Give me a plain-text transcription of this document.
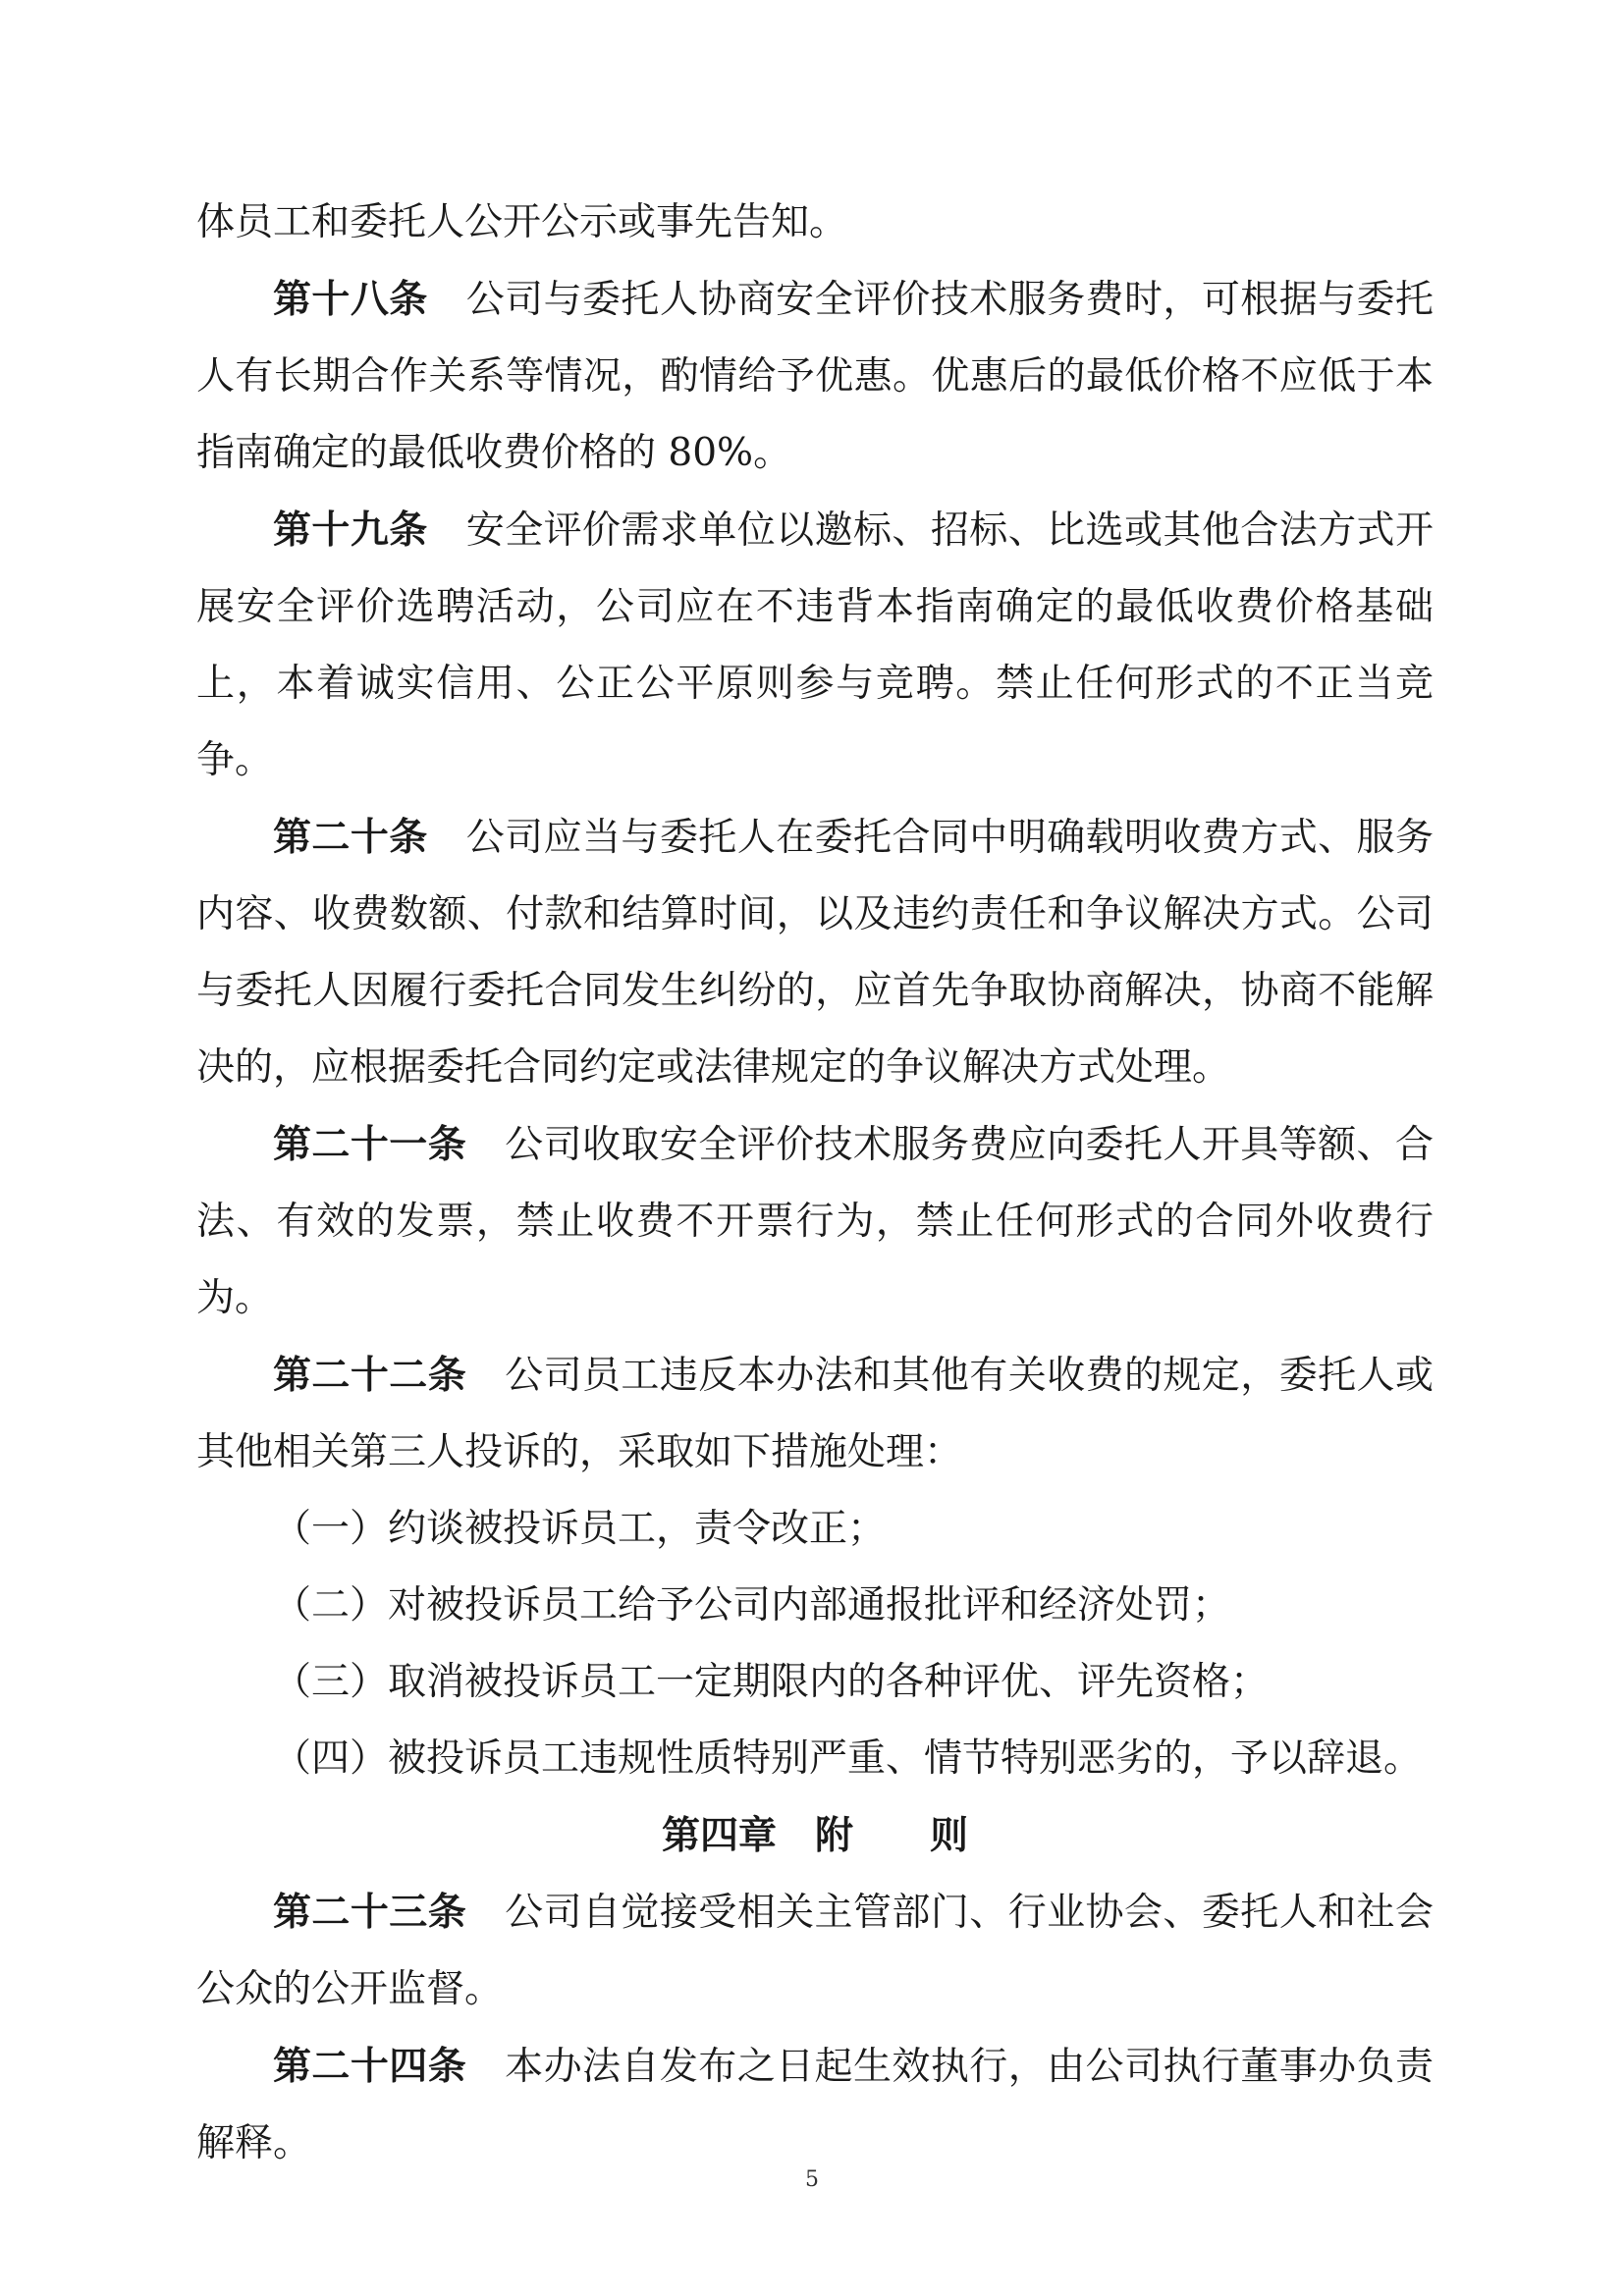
体员工和委托人公开公示或事先告知。

第十八条 公司与委托人协商安全评价技术服务费时，可根据与委托人有长期合作关系等情况，酌情给予优惠。优惠后的最低价格不应低于本指南确定的最低收费价格的 80%。

第十九条 安全评价需求单位以邀标、招标、比选或其他合法方式开展安全评价选聘活动，公司应在不违背本指南确定的最低收费价格基础上，本着诚实信用、公正公平原则参与竞聘。禁止任何形式的不正当竞争。

第二十条 公司应当与委托人在委托合同中明确载明收费方式、服务内容、收费数额、付款和结算时间，以及违约责任和争议解决方式。公司与委托人因履行委托合同发生纠纷的，应首先争取协商解决，协商不能解决的，应根据委托合同约定或法律规定的争议解决方式处理。

第二十一条 公司收取安全评价技术服务费应向委托人开具等额、合法、有效的发票，禁止收费不开票行为，禁止任何形式的合同外收费行为。

第二十二条 公司员工违反本办法和其他有关收费的规定，委托人或其他相关第三人投诉的，采取如下措施处理：

（一）约谈被投诉员工，责令改正；

（二）对被投诉员工给予公司内部通报批评和经济处罚；

（三）取消被投诉员工一定期限内的各种评优、评先资格；

（四）被投诉员工违规性质特别严重、情节特别恶劣的，予以辞退。

第四章　附　　则

第二十三条 公司自觉接受相关主管部门、行业协会、委托人和社会公众的公开监督。

第二十四条 本办法自发布之日起生效执行，由公司执行董事办负责解释。

5
